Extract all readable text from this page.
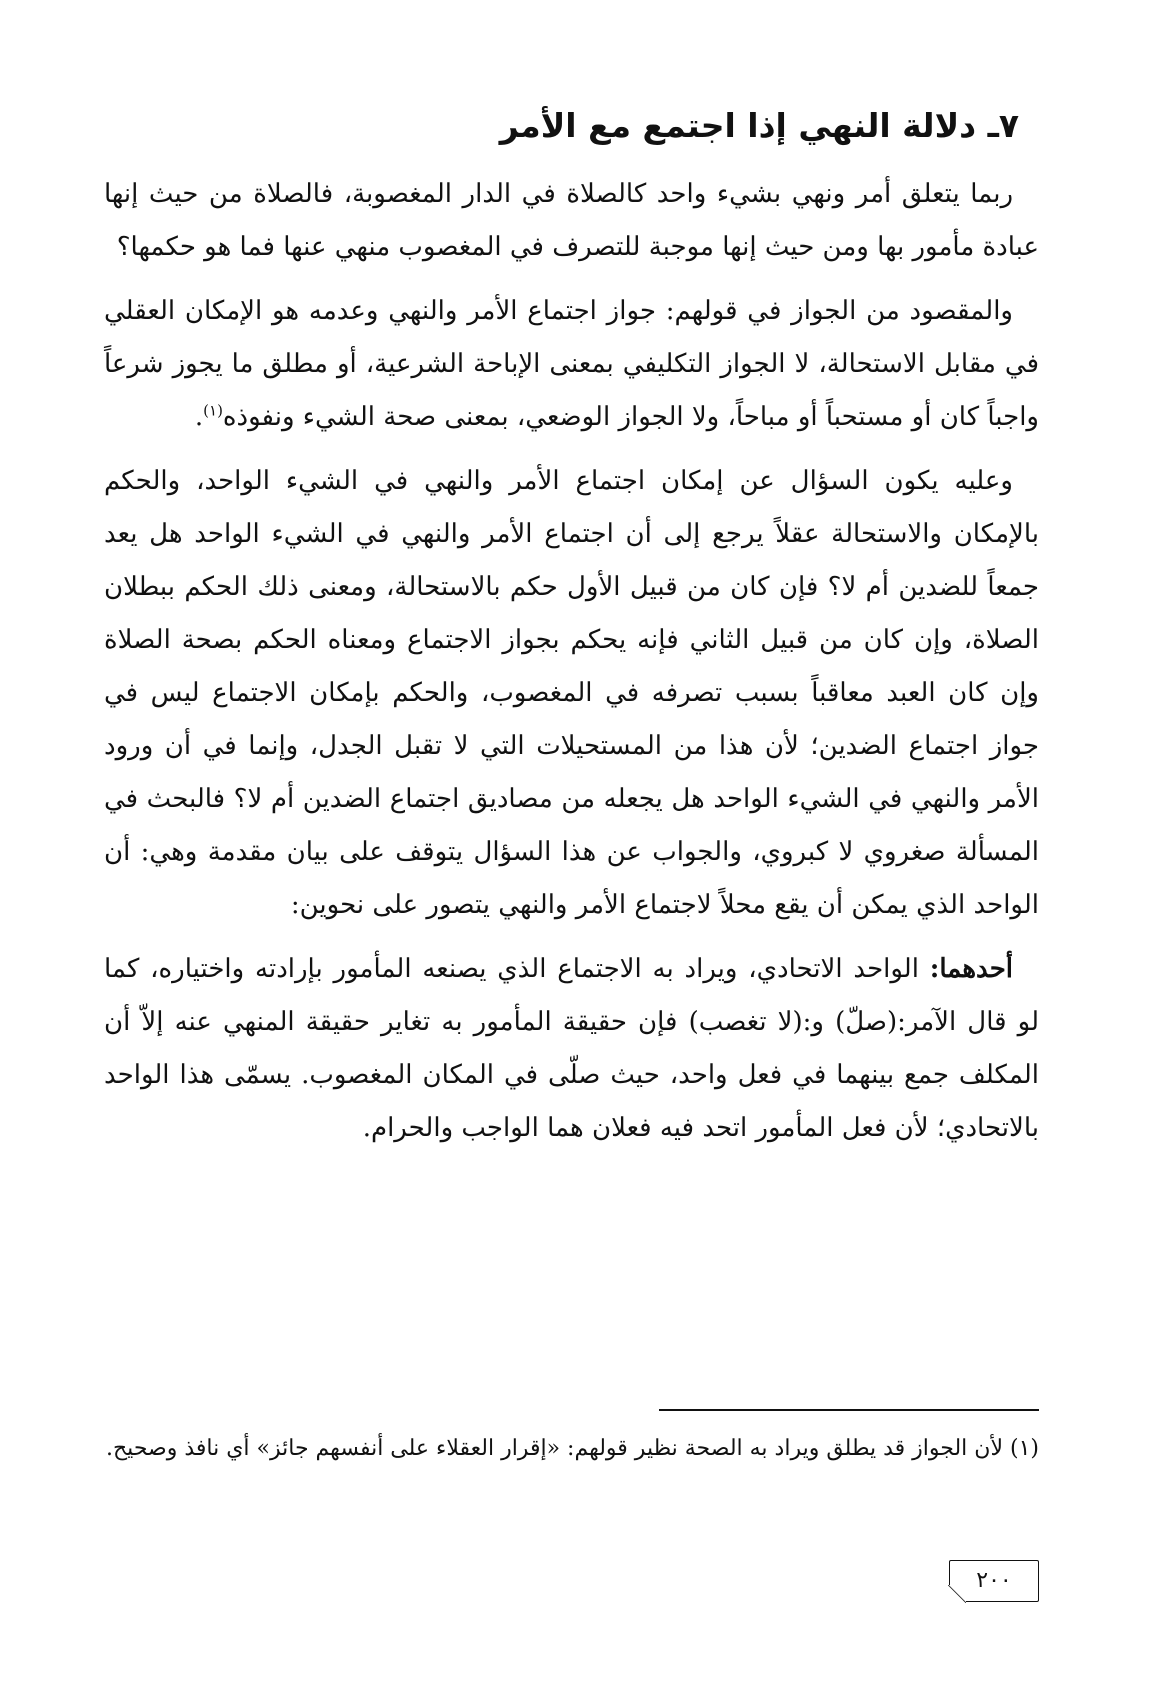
٧ـ دلالة النهي إذا اجتمع مع الأمر

ربما يتعلق أمر ونهي بشيء واحد كالصلاة في الدار المغصوبة، فالصلاة من حيث إنها عبادة مأمور بها ومن حيث إنها موجبة للتصرف في المغصوب منهي عنها فما هو حكمها؟

والمقصود من الجواز في قولهم: جواز اجتماع الأمر والنهي وعدمه هو الإمكان العقلي في مقابل الاستحالة، لا الجواز التكليفي بمعنى الإباحة الشرعية، أو مطلق ما يجوز شرعاً واجباً كان أو مستحباً أو مباحاً، ولا الجواز الوضعي، بمعنى صحة الشيء ونفوذه$^{(١)}$.

وعليه يكون السؤال عن إمكان اجتماع الأمر والنهي في الشيء الواحد، والحكم بالإمكان والاستحالة عقلاً يرجع إلى أن اجتماع الأمر والنهي في الشيء الواحد هل يعد جمعاً للضدين أم لا؟ فإن كان من قبيل الأول حكم بالاستحالة، ومعنى ذلك الحكم ببطلان الصلاة، وإن كان من قبيل الثاني فإنه يحكم بجواز الاجتماع ومعناه الحكم بصحة الصلاة وإن كان العبد معاقباً بسبب تصرفه في المغصوب، والحكم بإمكان الاجتماع ليس في جواز اجتماع الضدين؛ لأن هذا من المستحيلات التي لا تقبل الجدل، وإنما في أن ورود الأمر والنهي في الشيء الواحد هل يجعله من مصاديق اجتماع الضدين أم لا؟ فالبحث في المسألة صغروي لا كبروي، والجواب عن هذا السؤال يتوقف على بيان مقدمة وهي: أن الواحد الذي يمكن أن يقع محلاً لاجتماع الأمر والنهي يتصور على نحوين:

أحدهما: الواحد الاتحادي، ويراد به الاجتماع الذي يصنعه المأمور بإرادته واختياره، كما لو قال الآمر:(صلّ) و:(لا تغصب) فإن حقيقة المأمور به تغاير حقيقة المنهي عنه إلاّ أن المكلف جمع بينهما في فعل واحد، حيث صلّى في المكان المغصوب. يسمّى هذا الواحد بالاتحادي؛ لأن فعل المأمور اتحد فيه فعلان هما الواجب والحرام.

(١) لأن الجواز قد يطلق ويراد به الصحة نظير قولهم: «إقرار العقلاء على أنفسهم جائز» أي نافذ وصحيح.

٢٠٠
